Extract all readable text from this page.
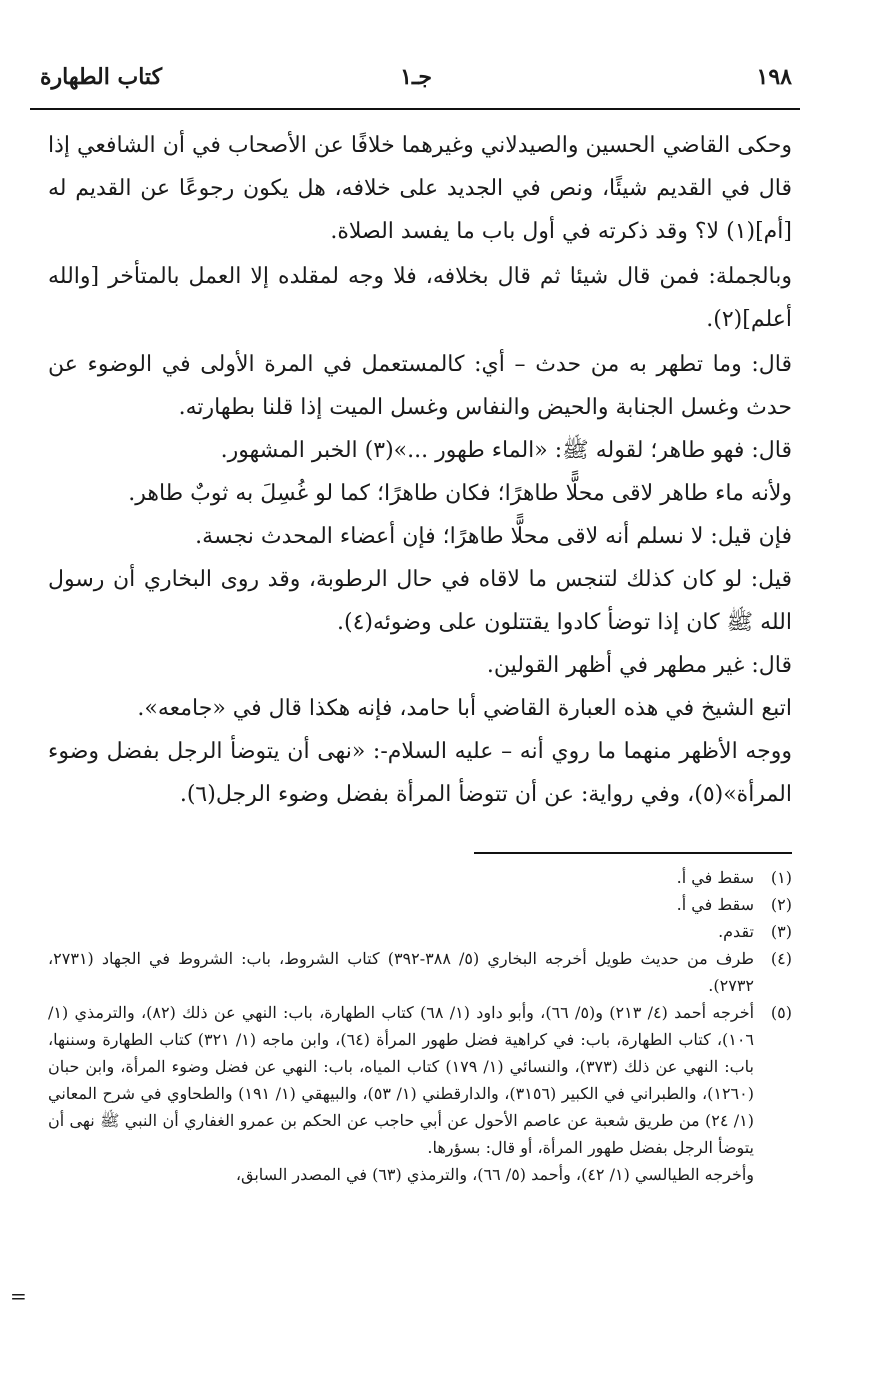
١٩٨
جـ١
كتاب الطهارة

وحكى القاضي الحسين والصيدلاني وغيرهما خلافًا عن الأصحاب في أن الشافعي إذا قال في القديم شيئًا، ونص في الجديد على خلافه، هل يكون رجوعًا عن القديم له [أم](١) لا؟ وقد ذكرته في أول باب ما يفسد الصلاة.

وبالجملة: فمن قال شيئا ثم قال بخلافه، فلا وجه لمقلده إلا العمل بالمتأخر [والله أعلم](٢).

قال: وما تطهر به من حدث – أي: كالمستعمل في المرة الأولى في الوضوء عن حدث وغسل الجنابة والحيض والنفاس وغسل الميت إذا قلنا بطهارته.

قال: فهو طاهر؛ لقوله ﷺ: «الماء طهور ...»(٣) الخبر المشهور.

ولأنه ماء طاهر لاقى محلًّا طاهرًا؛ فكان طاهرًا؛ كما لو غُسِلَ به ثوبٌ طاهر.

فإن قيل: لا نسلم أنه لاقى محلًّا طاهرًا؛ فإن أعضاء المحدث نجسة.

قيل: لو كان كذلك لتنجس ما لاقاه في حال الرطوبة، وقد روى البخاري أن رسول الله ﷺ كان إذا توضأ كادوا يقتتلون على وضوئه(٤).

قال: غير مطهر في أظهر القولين.

اتبع الشيخ في هذه العبارة القاضي أبا حامد، فإنه هكذا قال في «جامعه».

ووجه الأظهر منهما ما روي أنه – عليه السلام-: «نهى أن يتوضأ الرجل بفضل وضوء المرأة»(٥)، وفي رواية: عن أن تتوضأ المرأة بفضل وضوء الرجل(٦).

(١)
سقط في أ.
(٢)
سقط في أ.
(٣)
تقدم.
(٤)
طرف من حديث طويل أخرجه البخاري (٥/ ٣٨٨-٣٩٢) كتاب الشروط، باب: الشروط في الجهاد (٢٧٣١، ٢٧٣٢).
(٥)
أخرجه أحمد (٤/ ٢١٣) و(٥/ ٦٦)، وأبو داود (١/ ٦٨) كتاب الطهارة، باب: النهي عن ذلك (٨٢)، والترمذي (١/ ١٠٦)، كتاب الطهارة، باب: في كراهية فضل طهور المرأة (٦٤)، وابن ماجه (١/ ٣٢١) كتاب الطهارة وسننها، باب: النهي عن ذلك (٣٧٣)، والنسائي (١/ ١٧٩) كتاب المياه، باب: النهي عن فضل وضوء المرأة، وابن حبان (١٢٦٠)، والطبراني في الكبير (٣١٥٦)، والدارقطني (١/ ٥٣)، والبيهقي (١/ ١٩١) والطحاوي في شرح المعاني (١/ ٢٤) من طريق شعبة عن عاصم الأحول عن أبي حاجب عن الحكم بن عمرو الغفاري أن النبي ﷺ نهى أن يتوضأ الرجل بفضل طهور المرأة، أو قال: بسؤرها.
وأخرجه الطيالسي (١/ ٤٢)، وأحمد (٥/ ٦٦)، والترمذي (٦٣) في المصدر السابق،
=
